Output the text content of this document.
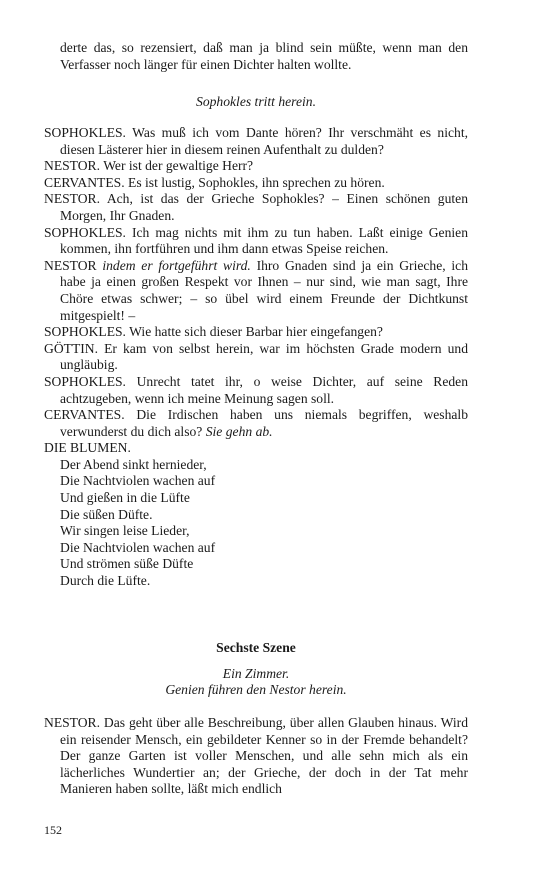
derte das, so rezensiert, daß man ja blind sein müßte, wenn man den Verfasser noch länger für einen Dichter halten wollte.

Sophokles tritt herein.

SOPHOKLES. Was muß ich vom Dante hören? Ihr verschmäht es nicht, diesen Lästerer hier in diesem reinen Aufenthalt zu dulden?

NESTOR. Wer ist der gewaltige Herr?

CERVANTES. Es ist lustig, Sophokles, ihn sprechen zu hören.

NESTOR. Ach, ist das der Grieche Sophokles? – Einen schönen guten Morgen, Ihr Gnaden.

SOPHOKLES. Ich mag nichts mit ihm zu tun haben. Laßt einige Genien kommen, ihn fortführen und ihm dann etwas Speise reichen.

NESTOR indem er fortgeführt wird. Ihro Gnaden sind ja ein Grieche, ich habe ja einen großen Respekt vor Ihnen – nur sind, wie man sagt, Ihre Chöre etwas schwer; – so übel wird einem Freunde der Dichtkunst mitgespielt! –

SOPHOKLES. Wie hatte sich dieser Barbar hier eingefangen?

GÖTTIN. Er kam von selbst herein, war im höchsten Grade modern und ungläubig.

SOPHOKLES. Unrecht tatet ihr, o weise Dichter, auf seine Reden achtzugeben, wenn ich meine Meinung sagen soll.

CERVANTES. Die Irdischen haben uns niemals begriffen, weshalb verwunderst du dich also? Sie gehn ab.

DIE BLUMEN.

Der Abend sinkt hernieder,
Die Nachtviolen wachen auf
Und gießen in die Lüfte
Die süßen Düfte.
Wir singen leise Lieder,
Die Nachtviolen wachen auf
Und strömen süße Düfte
Durch die Lüfte.

Sechste Szene

Ein Zimmer.

Genien führen den Nestor herein.

NESTOR. Das geht über alle Beschreibung, über allen Glauben hinaus. Wird ein reisender Mensch, ein gebildeter Kenner so in der Fremde behandelt? Der ganze Garten ist voller Menschen, und alle sehn mich als ein lächerliches Wundertier an; der Grieche, der doch in der Tat mehr Manieren haben sollte, läßt mich endlich

152
